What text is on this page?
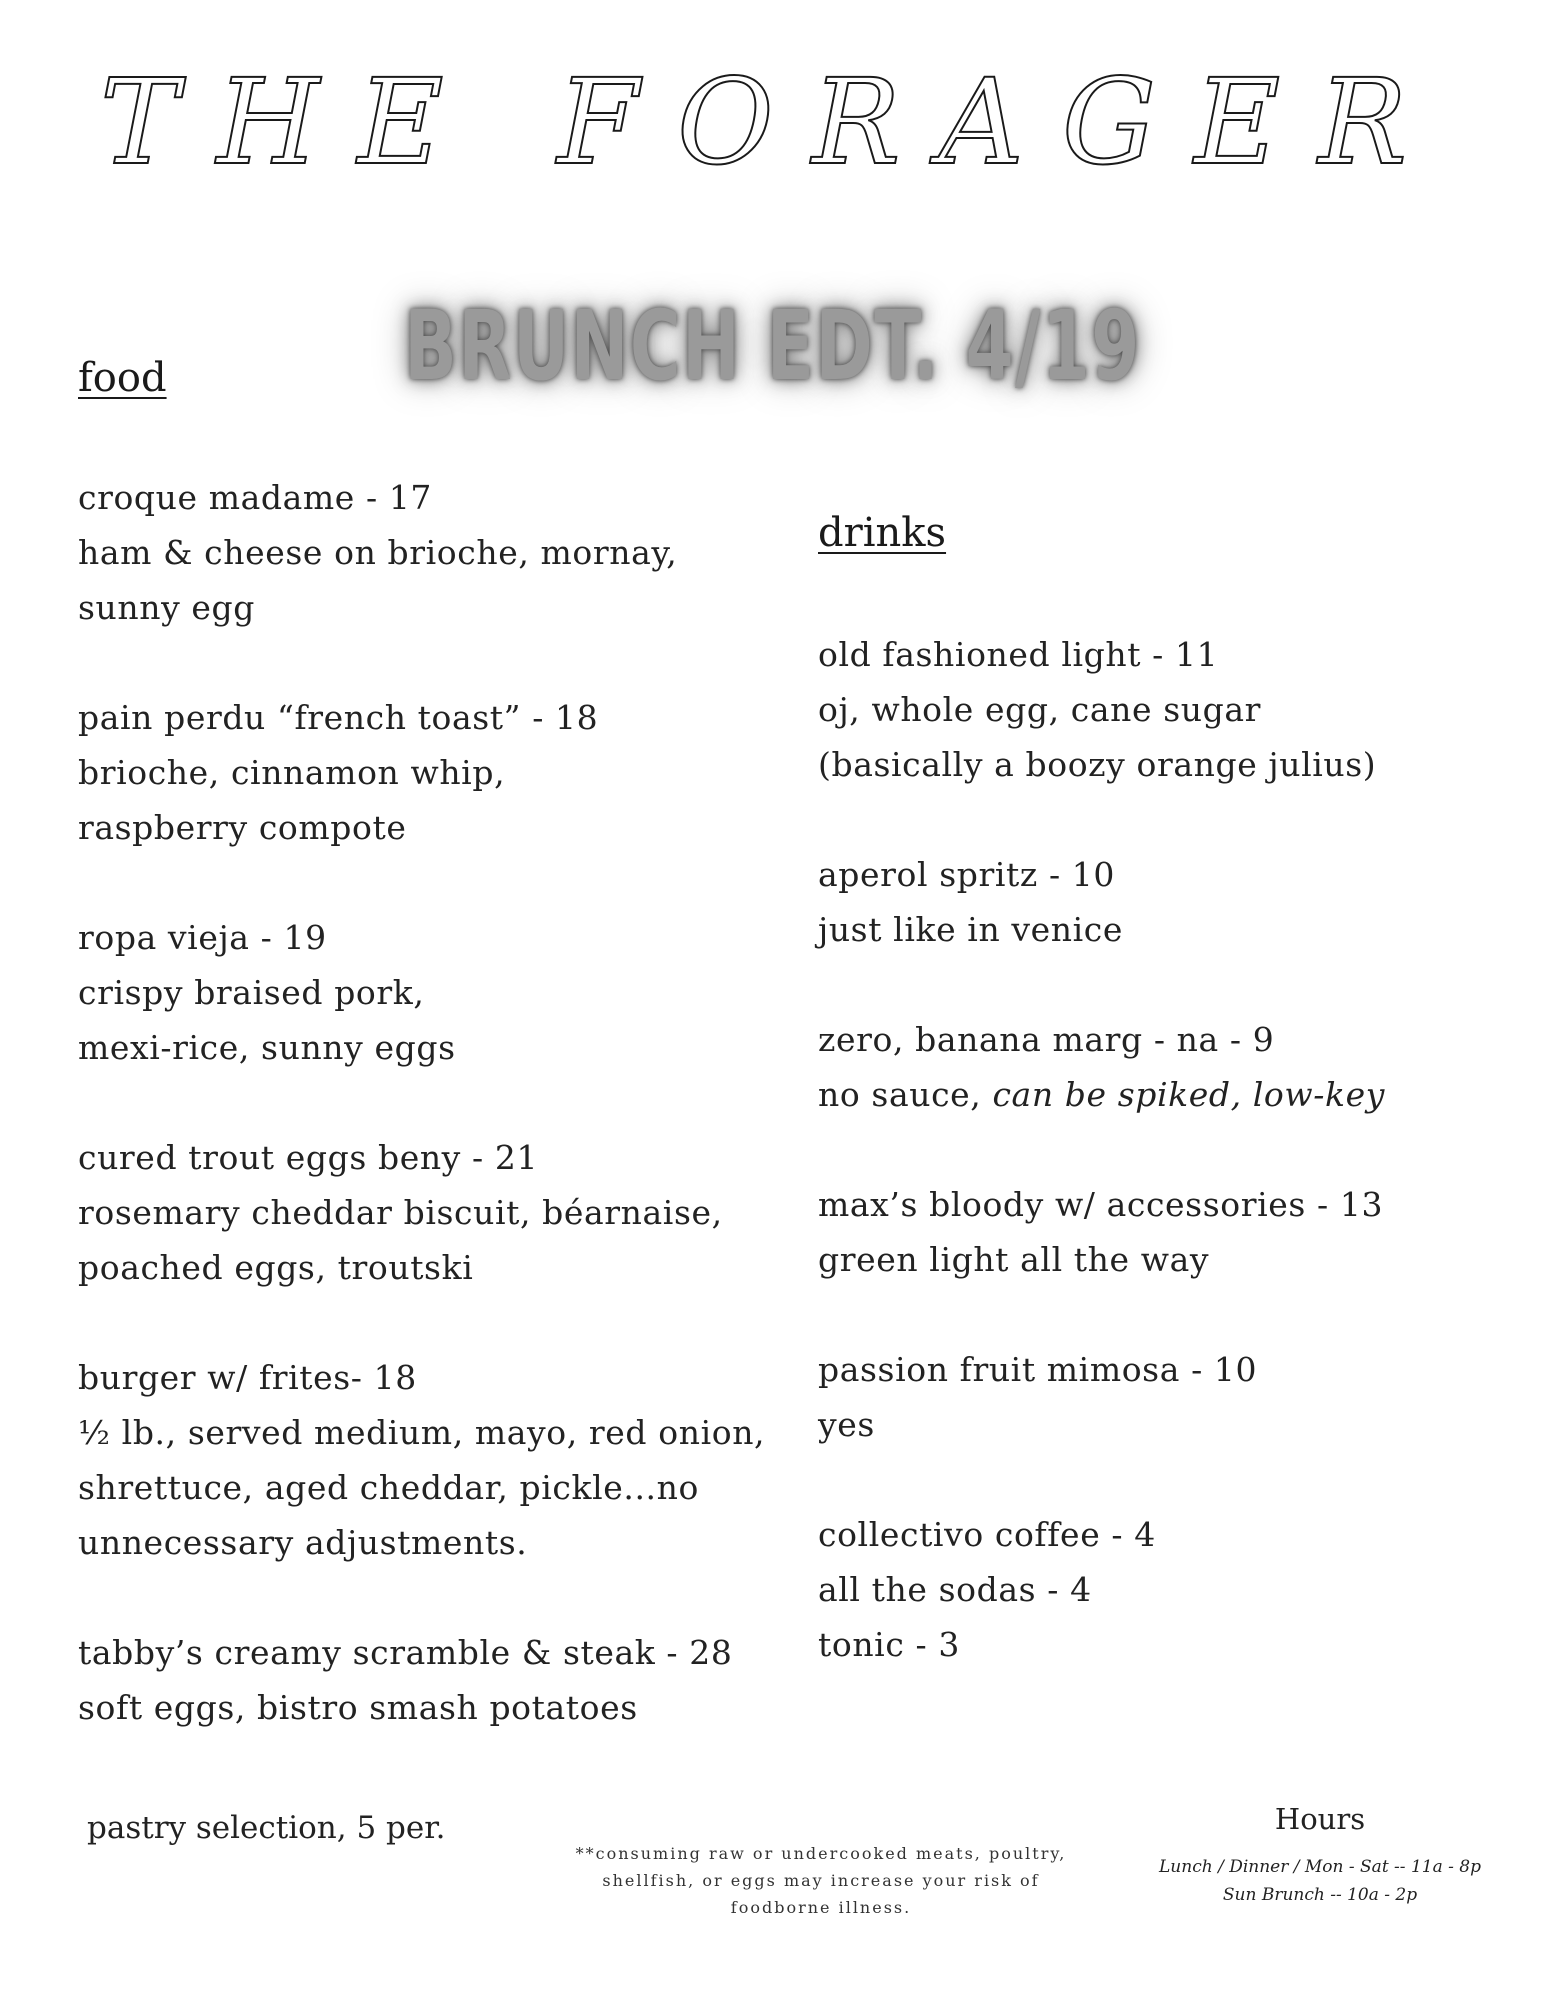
THE FORAGER
BRUNCH EDT. 4/19
food
croque madame - 17
ham & cheese on brioche, mornay,
sunny egg
pain perdu “french toast” - 18
brioche, cinnamon whip,
raspberry compote
ropa vieja - 19
crispy braised pork,
mexi-rice, sunny eggs
cured trout eggs beny - 21
rosemary cheddar biscuit, béarnaise,
poached eggs, troutski
burger w/ frites- 18
½ lb., served medium, mayo, red onion,
shrettuce, aged cheddar, pickle...no
unnecessary adjustments.
tabby’s creamy scramble & steak - 28
soft eggs, bistro smash potatoes
drinks
old fashioned light - 11
oj, whole egg, cane sugar
(basically a boozy orange julius)
aperol spritz - 10
just like in venice
zero, banana marg - na - 9
no sauce, can be spiked, low-key
max’s bloody w/ accessories - 13
green light all the way
passion fruit mimosa - 10
yes
collectivo coffee - 4
all the sodas - 4
tonic - 3
pastry selection, 5 per.
**consuming raw or undercooked meats, poultry, shellfish, or eggs may increase your risk of foodborne illness.
Hours
Lunch / Dinner / Mon - Sat -- 11a - 8p
Sun Brunch -- 10a - 2p
